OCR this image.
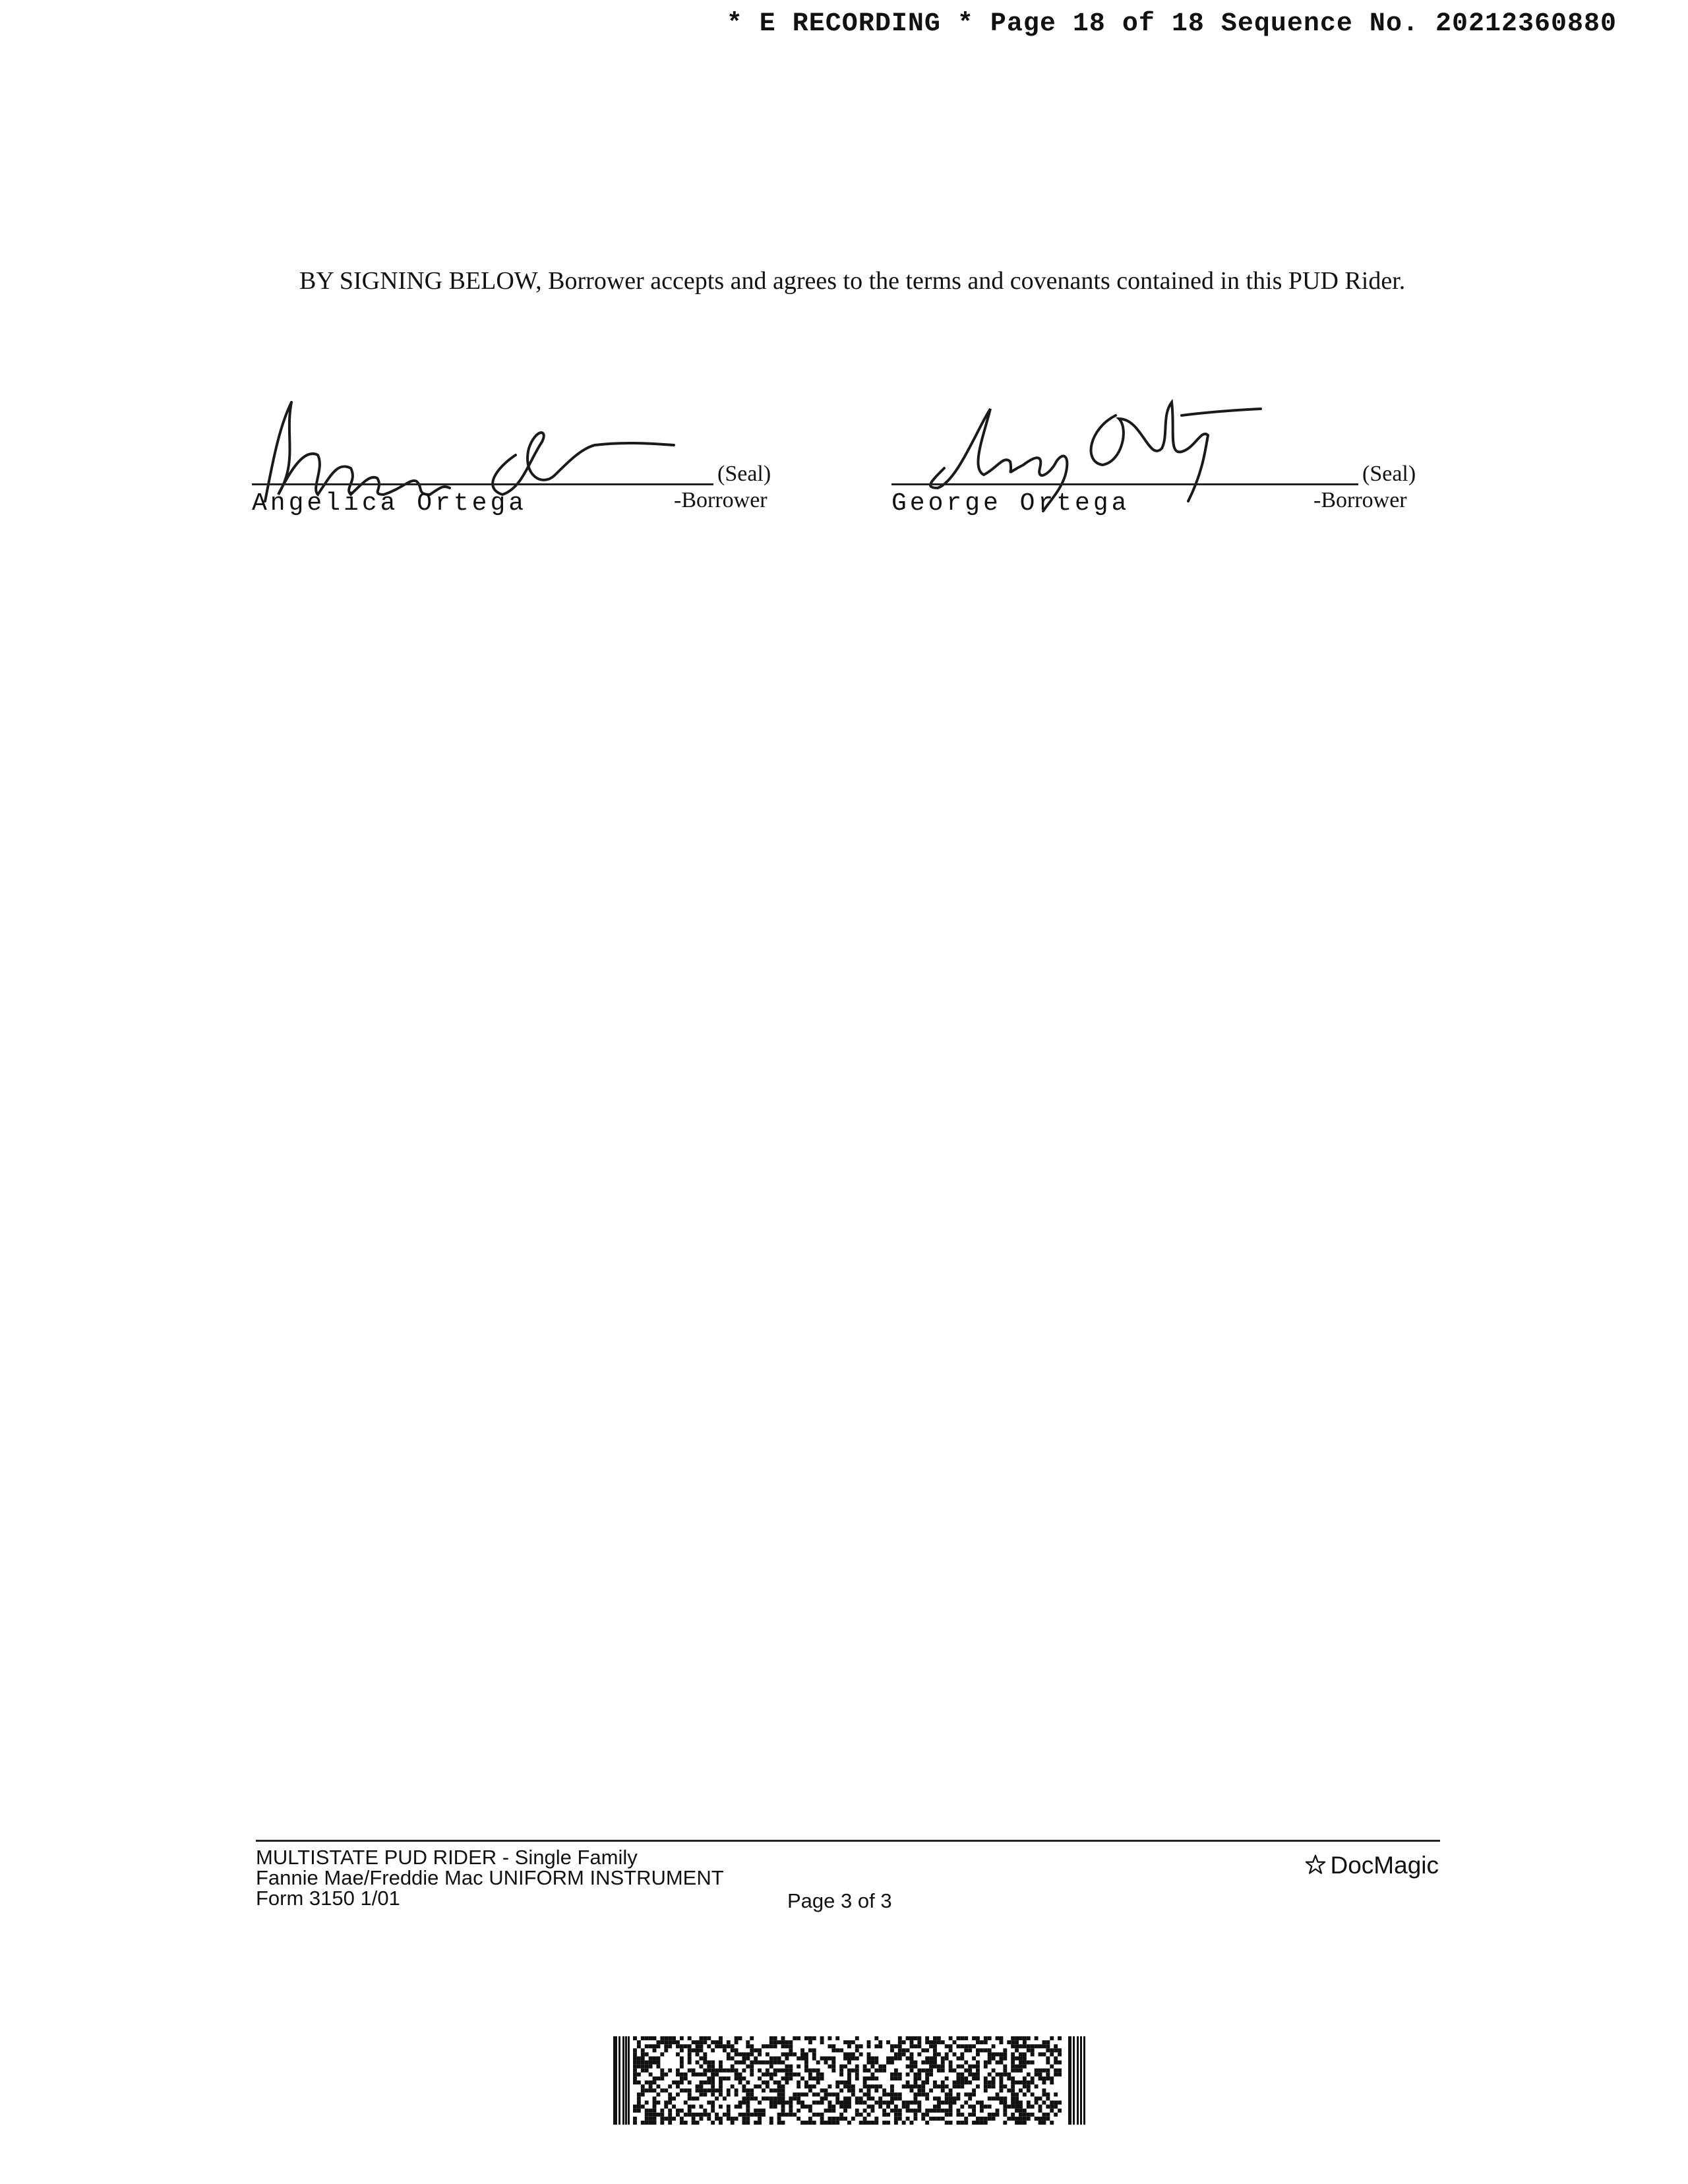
* E RECORDING * Page 18 of 18 Sequence No. 20212360880

BY SIGNING BELOW, Borrower accepts and agrees to the terms and covenants contained in this PUD Rider.

(Seal)
Angelica Ortega	-Borrower
(Seal)
George Ortega	-Borrower
MULTISTATE PUD RIDER - Single Family
Fannie Mae/Freddie Mac UNIFORM INSTRUMENT
Form 3150 1/01	Page 3 of 3
DocMagic
